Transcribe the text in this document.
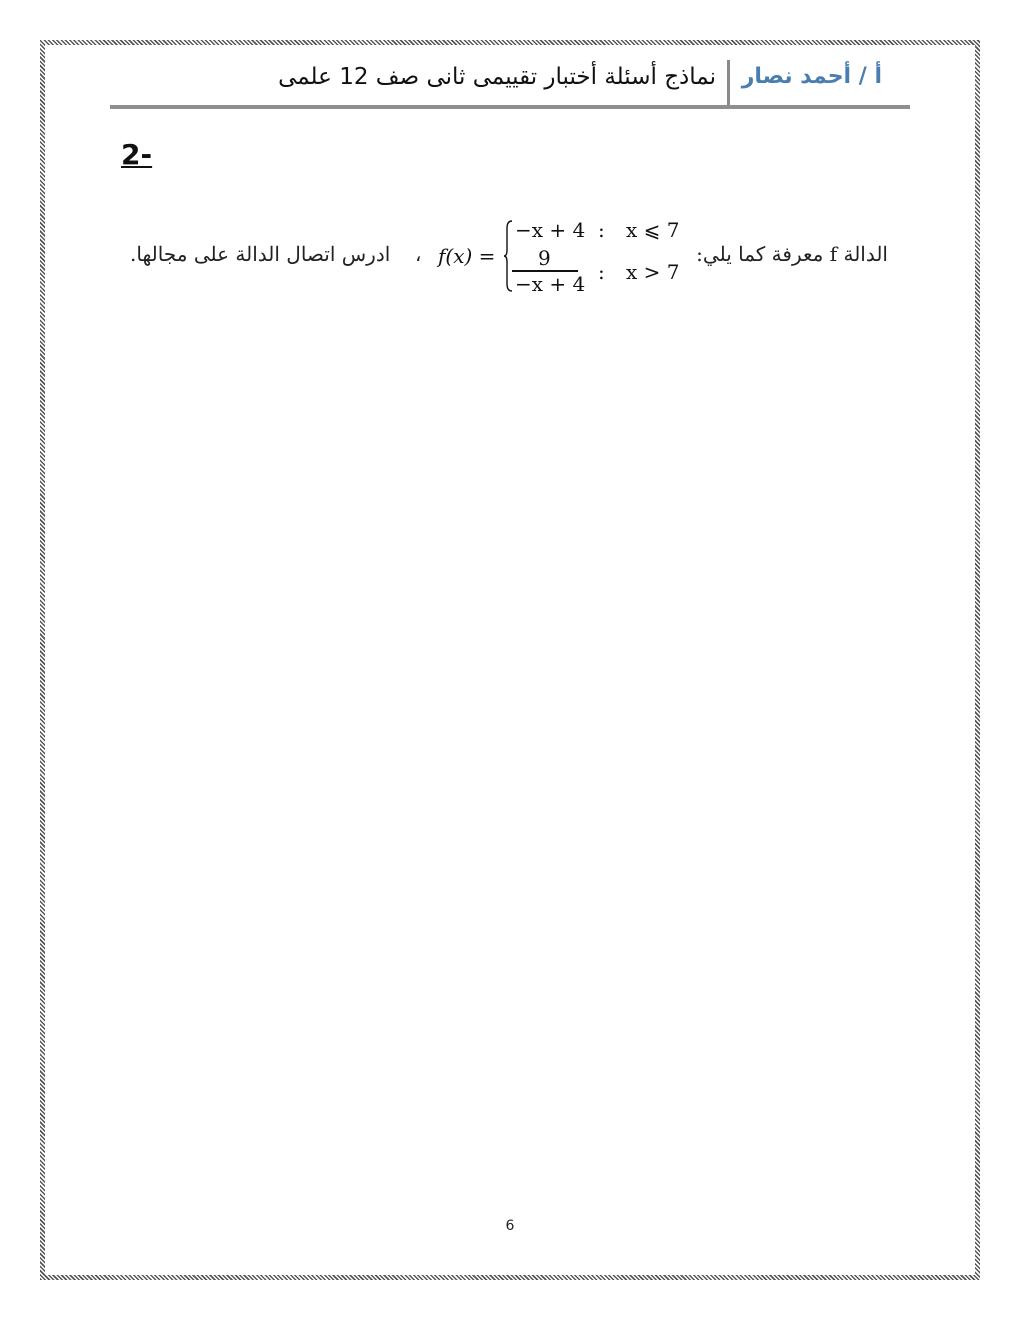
أ / أحمد نصار
نماذج أسئلة أختبار تقييمى ثانى صف 12 علمى
2-
الدالة f معرفة كما يلي:
،
ادرس اتصال الدالة على مجالها. f(x) =
−x + 4
9
−x + 4
:
:
x ⩽ 7
x > 7
6
